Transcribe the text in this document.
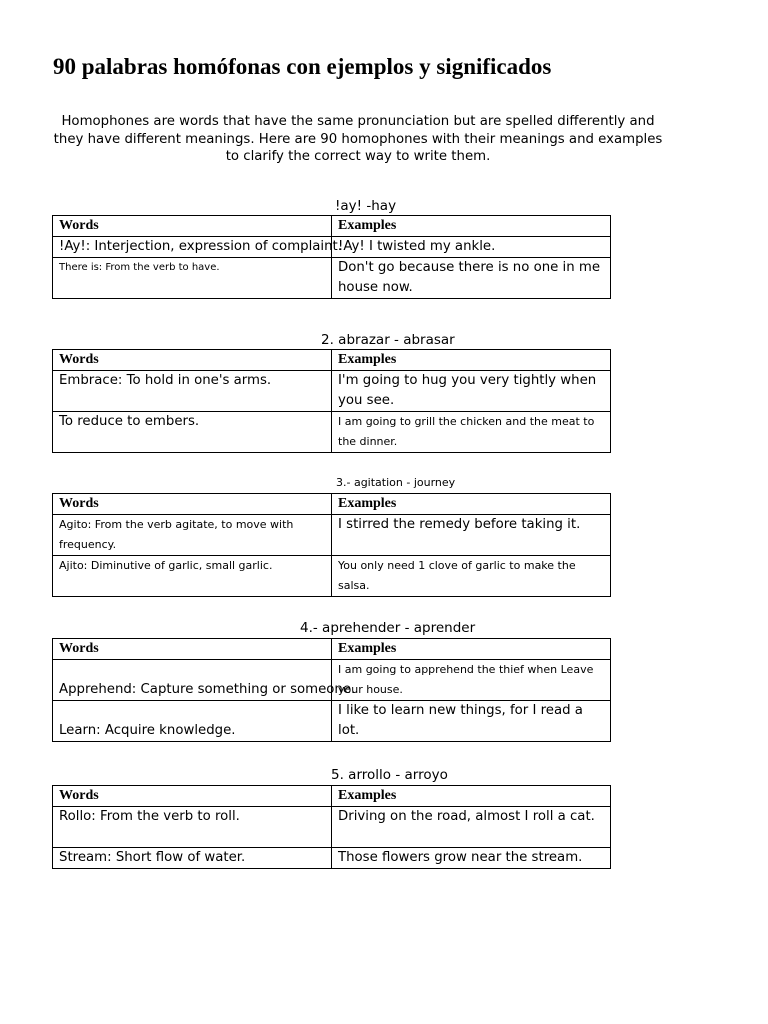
90 palabras homófonas con ejemplos y significados

Homophones are words that have the same pronunciation but are spelled differently and they have different meanings. Here are 90 homophones with their meanings and examples to clarify the correct way to write them.

!ay! -hay
Words	Examples
!Ay!: Interjection, expression of complaint.	!Ay! I twisted my ankle.
There is: From the verb to have.	Don't go because there is no one in me house now.
2. abrazar - abrasar
Words	Examples
Embrace: To hold in one's arms.	I'm going to hug you very tightly when you see.
To reduce to embers.	I am going to grill the chicken and the meat to the dinner.
3.- agitation - journey
Words	Examples
Agito: From the verb agitate, to move with frequency.	I stirred the remedy before taking it.
Ajito: Diminutive of garlic, small garlic.	You only need 1 clove of garlic to make the salsa.
4.- aprehender - aprender
Words	Examples
Apprehend: Capture something or someone.	I am going to apprehend the thief when Leave your house.
Learn: Acquire knowledge.	I like to learn new things, for I read a lot.
5. arrollo - arroyo
Words	Examples
Rollo: From the verb to roll.	Driving on the road, almost I roll a cat.
Stream: Short flow of water.	Those flowers grow near the stream.
